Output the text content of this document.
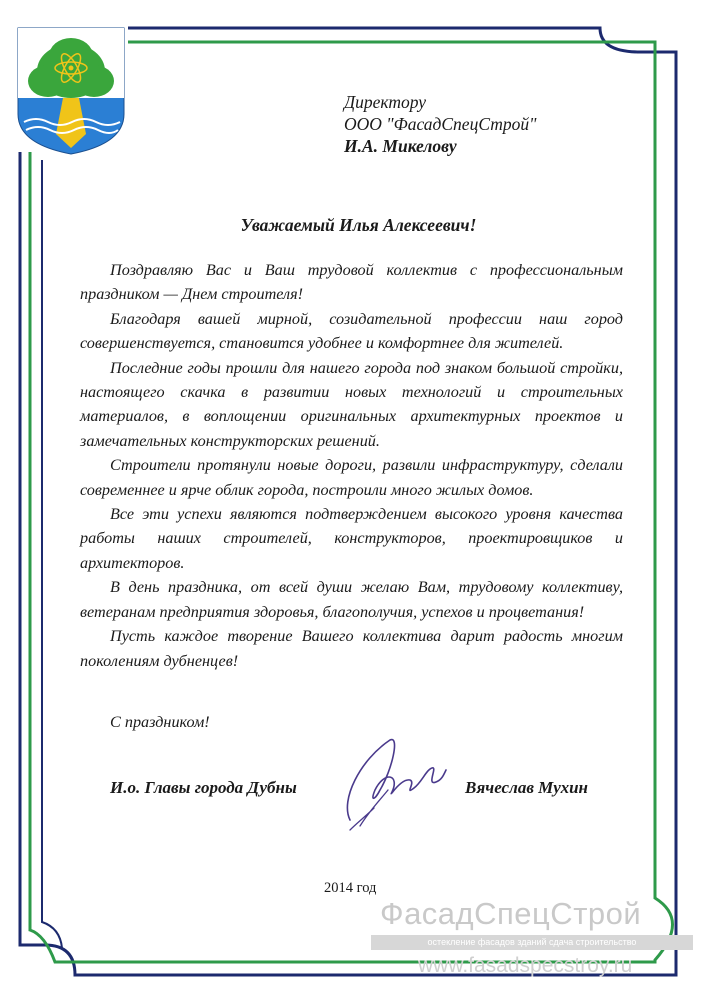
Директору
ООО "ФасадСпецСтрой"
И.А. Микелову
Уважаемый Илья Алексеевич!

Поздравляю Вас и Ваш трудовой коллектив с профессиональным праздником — Днем строителя!

Благодаря вашей мирной, созидательной профессии наш город совершенствуется, становится удобнее и комфортнее для жителей.

Последние годы прошли для нашего города под знаком большой стройки, настоящего скачка в развитии новых технологий и строительных материалов, в воплощении оригинальных архитектурных проектов и замечательных конструкторских решений.

Строители протянули новые дороги, развили инфраструктуру, сделали современнее и ярче облик города, построили много жилых домов.

Все эти успехи являются подтверждением высокого уровня качества работы наших строителей, конструкторов, проектировщиков и архитекторов.

В день праздника, от всей души желаю Вам, трудовому коллективу, ветеранам предприятия здоровья, благополучия, успехов и процветания!

Пусть каждое творение Вашего коллектива дарит радость многим поколениям дубненцев!

С праздником!
И.о. Главы города Дубны	Вячеслав Мухин
2014 год
ФасадСпецСтрой
остекление фасадов зданий сдача строительство
www.fasadspecstroy.ru
